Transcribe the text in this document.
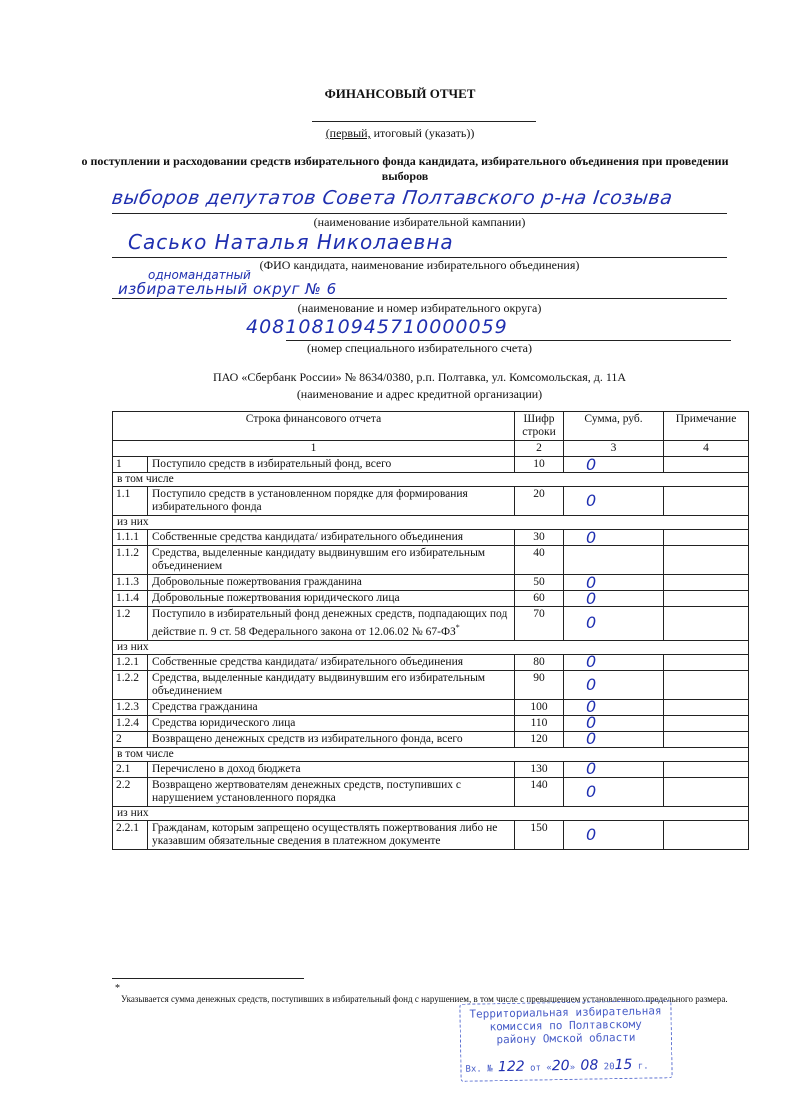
ФИНАНСОВЫЙ ОТЧЕТ
(первый, итоговый (указать))
о поступлении и расходовании средств избирательного фонда кандидата, избирательного объединения при проведении выборов
выборов депутатов Совета Полтавского р-на Iсозыва
(наименование избирательной кампании)
Сасько Наталья Николаевна
(ФИО кандидата, наименование избирательного объединения)
одномандатный
избирательный округ № 6
(наименование и номер избирательного округа)
40810810945710000059
(номер специального избирательного счета)
ПАО «Сбербанк России» № 8634/0380, р.п. Полтавка, ул. Комсомольская, д. 11А
(наименование и адрес кредитной организации)
Строка финансового отчета		Шифр строки	Сумма, руб.	Примечание
1		2	3	4
1	Поступило средств в избирательный фонд, всего	10	0	
в том числе				
1.1	Поступило средств в установленном порядке для формирования избирательного фонда	20	0	
из них				
1.1.1	Собственные средства кандидата/ избирательного объединения	30	0	
1.1.2	Средства, выделенные кандидату выдвинувшим его избирательным объединением	40		
1.1.3	Добровольные пожертвования гражданина	50	0	
1.1.4	Добровольные пожертвования юридического лица	60	0	
1.2	Поступило в избирательный фонд денежных средств, подпадающих под действие п. 9 ст. 58 Федерального закона от 12.06.02 № 67-ФЗ*	70	0	
из них				
1.2.1	Собственные средства кандидата/ избирательного объединения	80	0	
1.2.2	Средства, выделенные кандидату выдвинувшим его избирательным объединением	90	0	
1.2.3	Средства гражданина	100	0	
1.2.4	Средства юридического лица	110	0	
2	Возвращено денежных средств из избирательного фонда, всего	120	0	
в том числе				
2.1	Перечислено в доход бюджета	130	0	
2.2	Возвращено жертвователям денежных средств, поступивших с нарушением установленного порядка	140	0	
из них				
2.2.1	Гражданам, которым запрещено осуществлять пожертвования либо не указавшим обязательные сведения в платежном документе	150	0	
*
Указывается сумма денежных средств, поступивших в избирательный фонд с нарушением, в том числе с превышением установленного предельного размера.
Территориальная избирательная
комиссия по Полтавскому
району Омской области
Вх. № 122 от «20» 08 2015 г.
